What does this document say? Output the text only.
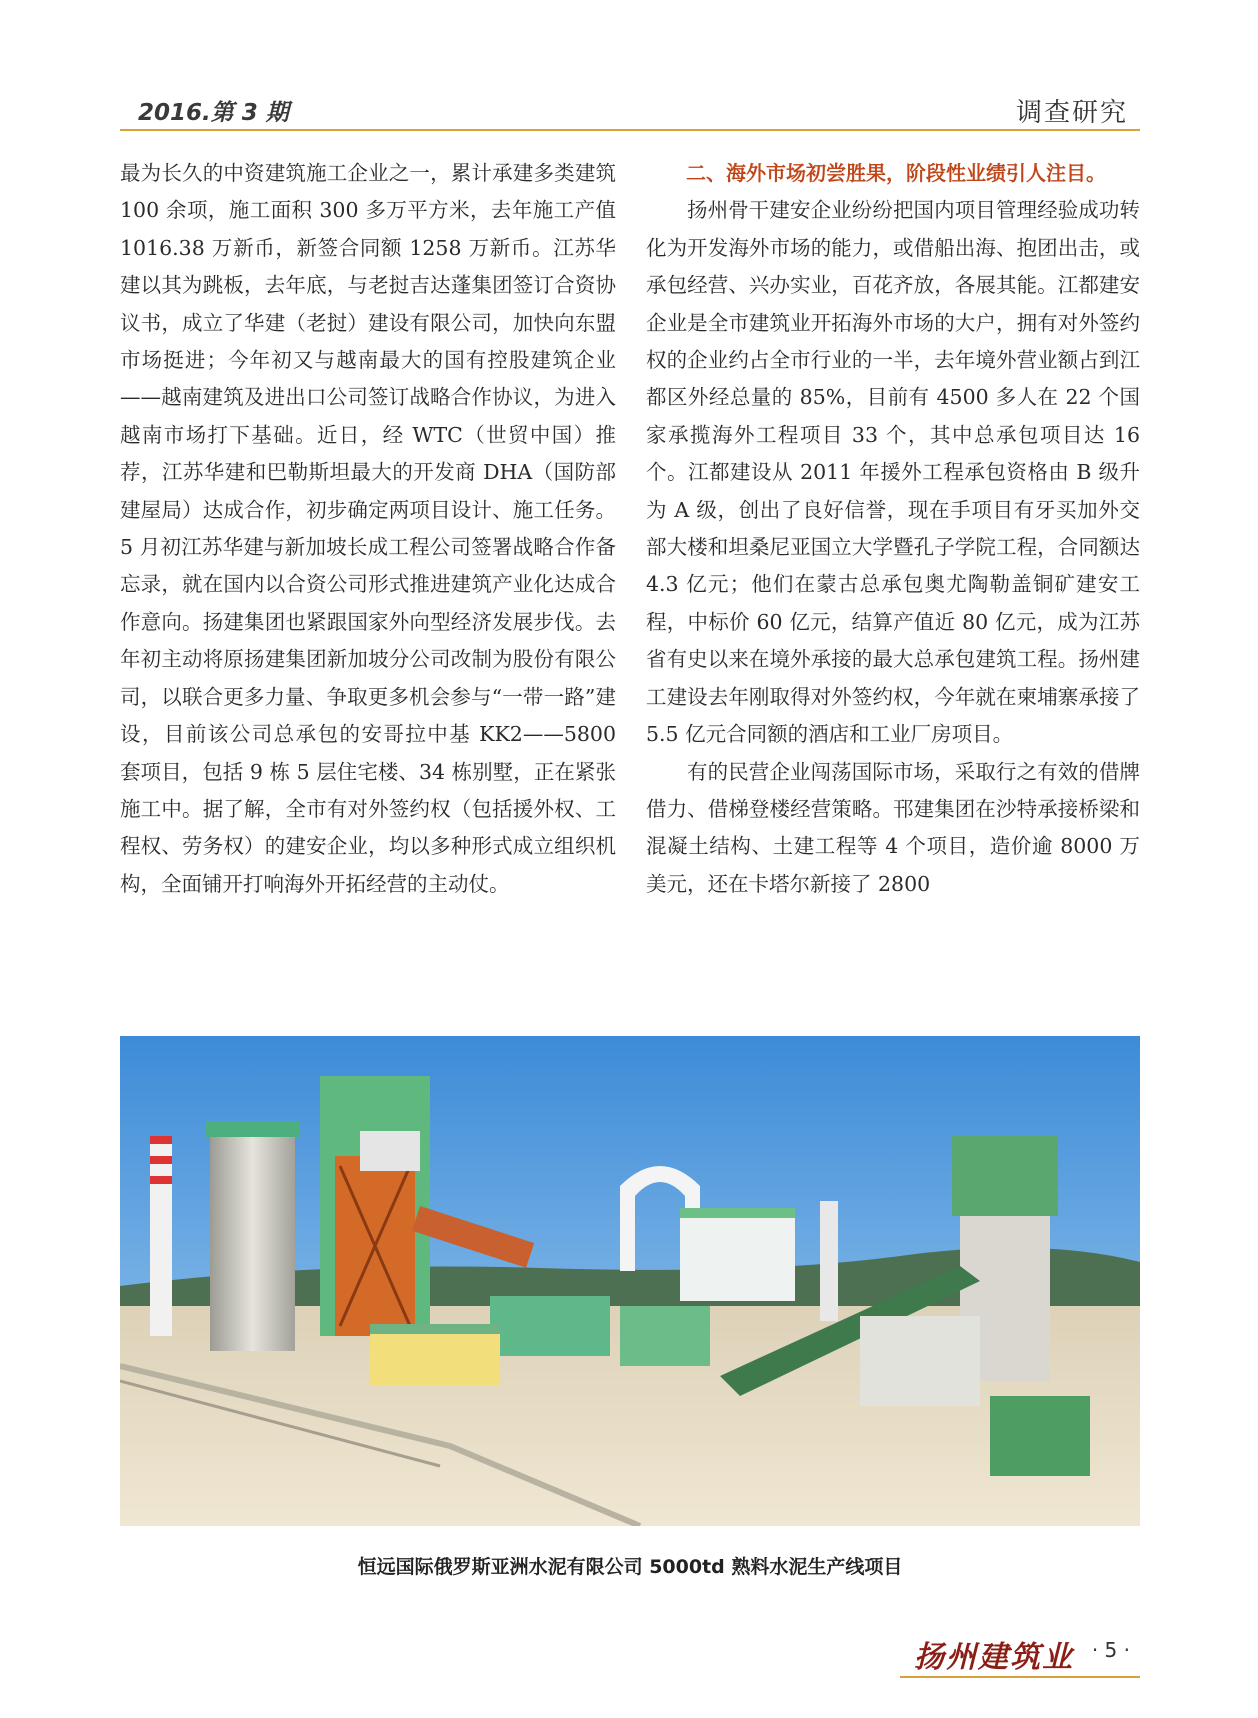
2016.第 3 期	调查研究

最为长久的中资建筑施工企业之一，累计承建多类建筑 100 余项，施工面积 300 多万平方米，去年施工产值 1016.38 万新币，新签合同额 1258 万新币。江苏华建以其为跳板，去年底，与老挝吉达蓬集团签订合资协议书，成立了华建（老挝）建设有限公司，加快向东盟市场挺进；今年初又与越南最大的国有控股建筑企业——越南建筑及进出口公司签订战略合作协议，为进入越南市场打下基础。近日，经 WTC（世贸中国）推荐，江苏华建和巴勒斯坦最大的开发商 DHA（国防部建屋局）达成合作，初步确定两项目设计、施工任务。5 月初江苏华建与新加坡长成工程公司签署战略合作备忘录，就在国内以合资公司形式推进建筑产业化达成合作意向。扬建集团也紧跟国家外向型经济发展步伐。去年初主动将原扬建集团新加坡分公司改制为股份有限公司，以联合更多力量、争取更多机会参与“一带一路”建设，目前该公司总承包的安哥拉中基 KK2——5800 套项目，包括 9 栋 5 层住宅楼、34 栋别墅，正在紧张施工中。据了解，全市有对外签约权（包括援外权、工程权、劳务权）的建安企业，均以多种形式成立组织机构，全面铺开打响海外开拓经营的主动仗。

二、海外市场初尝胜果，阶段性业绩引人注目。

扬州骨干建安企业纷纷把国内项目管理经验成功转化为开发海外市场的能力，或借船出海、抱团出击，或承包经营、兴办实业，百花齐放，各展其能。江都建安企业是全市建筑业开拓海外市场的大户，拥有对外签约权的企业约占全市行业的一半，去年境外营业额占到江都区外经总量的 85%，目前有 4500 多人在 22 个国家承揽海外工程项目 33 个，其中总承包项目达 16 个。江都建设从 2011 年援外工程承包资格由 B 级升为 A 级，创出了良好信誉，现在手项目有牙买加外交部大楼和坦桑尼亚国立大学暨孔子学院工程，合同额达 4.3 亿元；他们在蒙古总承包奥尤陶勒盖铜矿建安工程，中标价 60 亿元，结算产值近 80 亿元，成为江苏省有史以来在境外承接的最大总承包建筑工程。扬州建工建设去年刚取得对外签约权，今年就在柬埔寨承接了 5.5 亿元合同额的酒店和工业厂房项目。

有的民营企业闯荡国际市场，采取行之有效的借牌借力、借梯登楼经营策略。邗建集团在沙特承接桥梁和混凝土结构、土建工程等 4 个项目，造价逾 8000 万美元，还在卡塔尔新接了 2800

恒远国际俄罗斯亚洲水泥有限公司 5000td 熟料水泥生产线项目
扬州建筑业 · 5 ·
